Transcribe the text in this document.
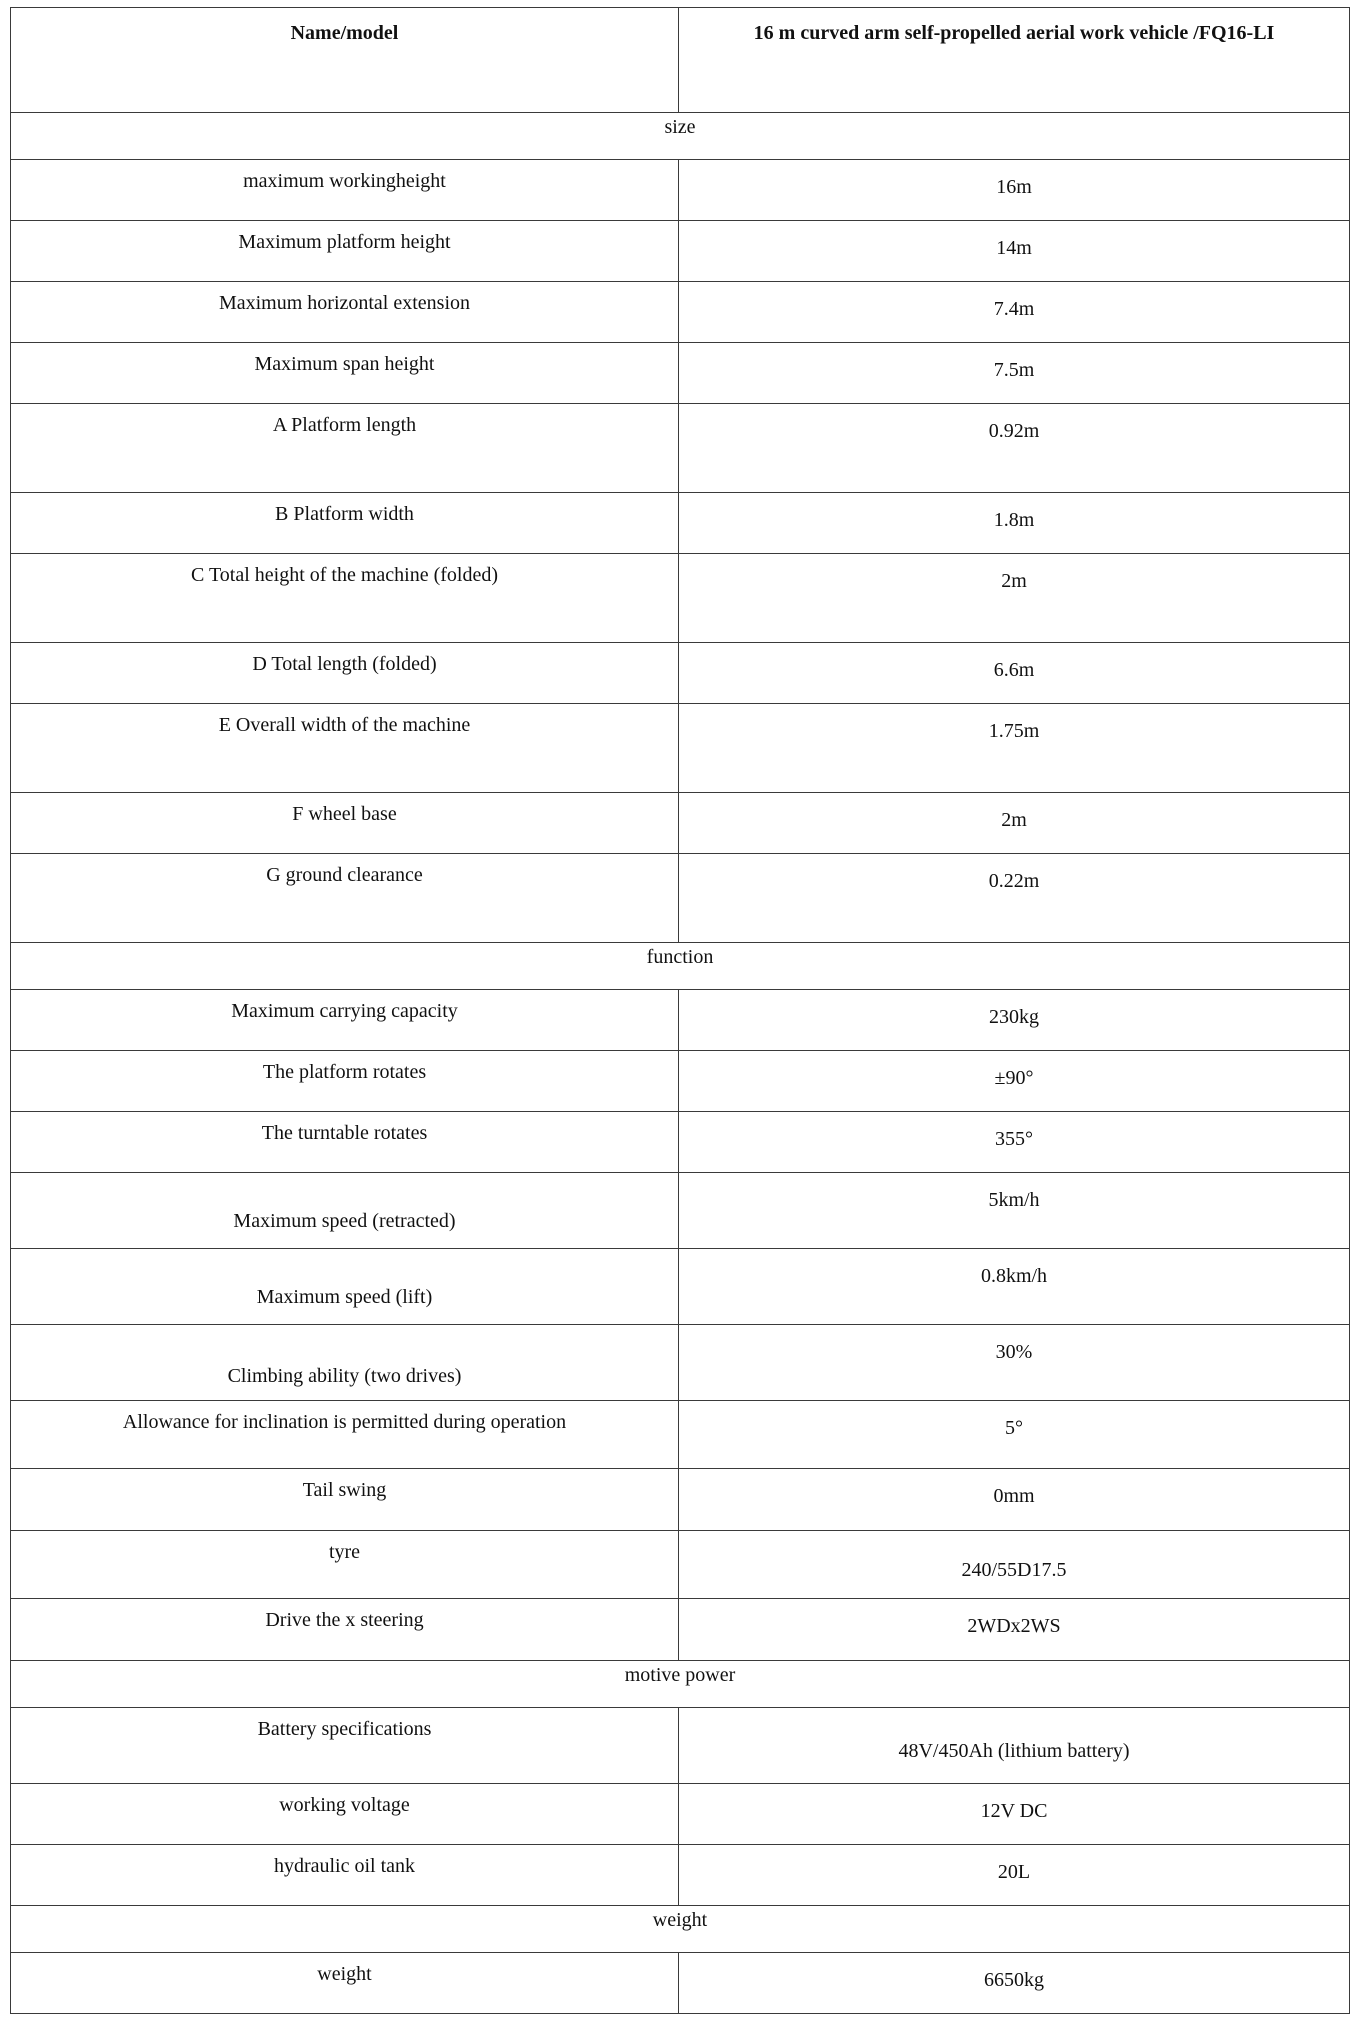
Name/model	16 m curved arm self-propelled aerial work vehicle /FQ16-LI
size	
maximum workingheight	16m
Maximum platform height	14m
Maximum horizontal extension	7.4m
Maximum span height	7.5m
A Platform length	0.92m
B Platform width	1.8m
C Total height of the machine (folded)	2m
D Total length (folded)	6.6m
E Overall width of the machine	1.75m
F wheel base	2m
G ground clearance	0.22m
function	
Maximum carrying capacity	230kg
The platform rotates	±90°
The turntable rotates	355°
Maximum speed (retracted)	5km/h
Maximum speed (lift)	0.8km/h
Climbing ability (two drives)	30%
Allowance for inclination is permitted during operation	5°
Tail swing	0mm
tyre	240/55D17.5
Drive the x steering	2WDx2WS
motive power	
Battery specifications	48V/450Ah (lithium battery)
working voltage	12V DC
hydraulic oil tank	20L
weight	
weight	6650kg
